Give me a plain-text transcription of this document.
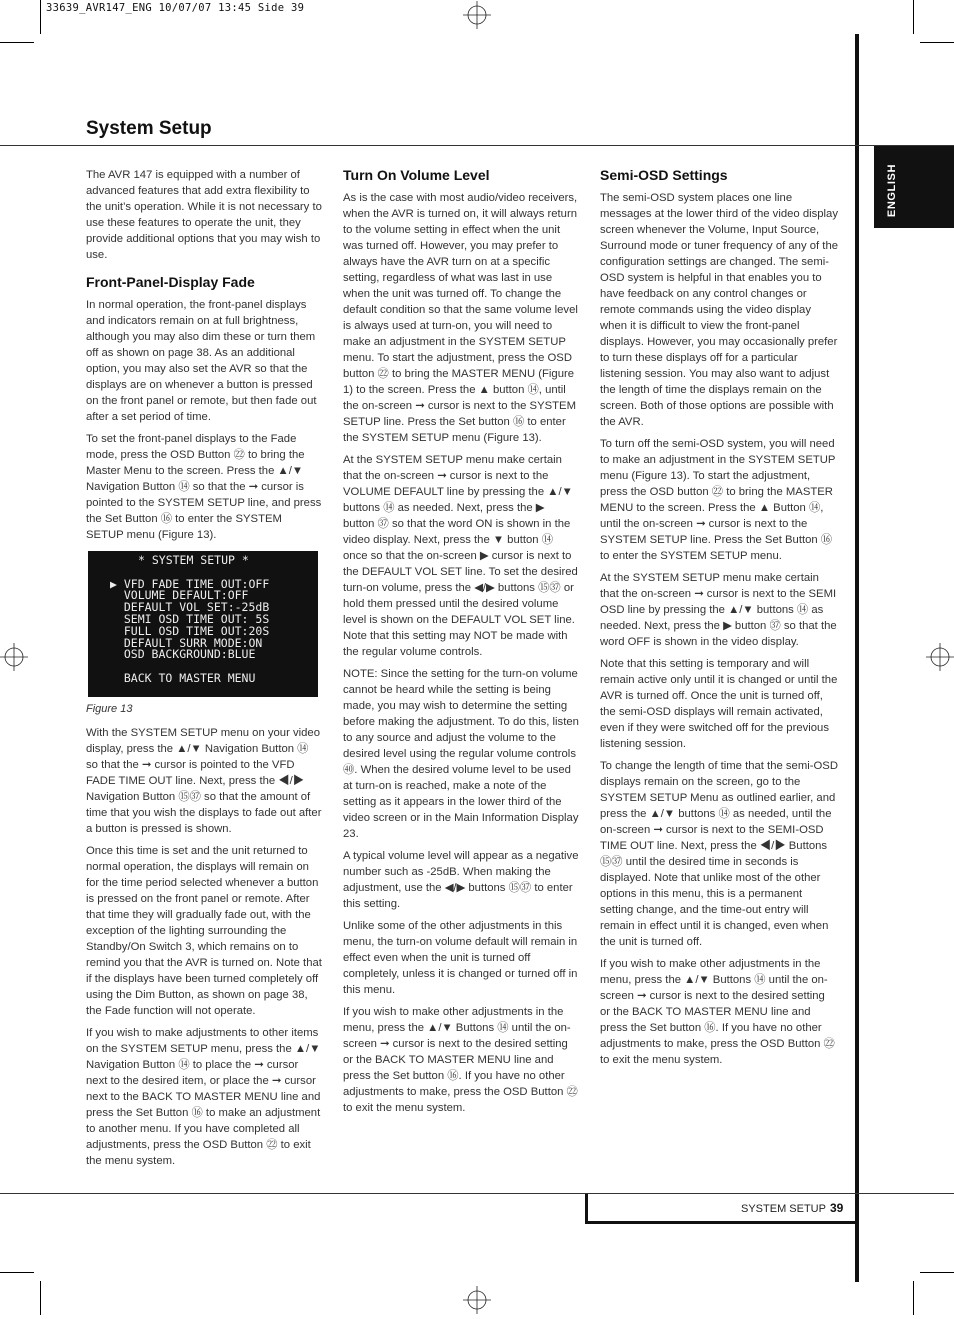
33639_AVR147_ENG 10/07/07 13:45 Side 39
ENGLISH
System Setup

The AVR 147 is equipped with a number of advanced features that add extra flexibility to the unit’s operation. While it is not necessary to use these features to operate the unit, they provide additional options that you may wish to use.

Front-Panel-Display Fade

In normal operation, the front-panel displays and indicators remain on at full brightness, although you may also dim these or turn them off as shown on page 38. As an additional option, you may also set the AVR so that the displays are on whenever a button is pressed on the front panel or remote, but then fade out after a set period of time.

To set the front-panel displays to the Fade mode, press the OSD Button ㉒ to bring the Master Menu to the screen. Press the ▲/▼ Navigation Button ⑭ so that the ➞ cursor is pointed to the SYSTEM SETUP line, and press the Set Button ⑯ to enter the SYSTEM SETUP menu (Figure 13).

* SYSTEM SETUP *

▶ VFD FADE TIME OUT:OFF
VOLUME DEFAULT:OFF
DEFAULT VOL SET:-25dB
SEMI OSD TIME OUT: 5S
FULL OSD TIME OUT:20S
DEFAULT SURR MODE:ON
OSD BACKGROUND:BLUE

BACK TO MASTER MENU
Figure 13

With the SYSTEM SETUP menu on your video display, press the ▲/▼ Navigation Button ⑭ so that the ➞ cursor is pointed to the VFD FADE TIME OUT line. Next, press the ◀/▶ Navigation Button ⑮㊲ so that the amount of time that you wish the displays to fade out after a button is pressed is shown.

Once this time is set and the unit returned to normal operation, the displays will remain on for the time period selected whenever a button is pressed on the front panel or remote. After that time they will gradually fade out, with the exception of the lighting surrounding the Standby/On Switch 3, which remains on to remind you that the AVR is turned on. Note that if the displays have been turned completely off using the Dim Button, as shown on page 38, the Fade function will not operate.

If you wish to make adjustments to other items on the SYSTEM SETUP menu, press the ▲/▼ Navigation Button ⑭ to place the ➞ cursor next to the desired item, or place the ➞ cursor next to the BACK TO MASTER MENU line and press the Set Button ⑯ to make an adjustment to another menu. If you have completed all adjustments, press the OSD Button ㉒ to exit the menu system.

Turn On Volume Level

As is the case with most audio/video receivers, when the AVR is turned on, it will always return to the volume setting in effect when the unit was turned off. However, you may prefer to always have the AVR turn on at a specific setting, regardless of what was last in use when the unit was turned off. To change the default condition so that the same volume level is always used at turn-on, you will need to make an adjustment in the SYSTEM SETUP menu. To start the adjustment, press the OSD button ㉒ to bring the MASTER MENU (Figure 1) to the screen. Press the ▲ button ⑭, until the on-screen ➞ cursor is next to the SYSTEM SETUP line. Press the Set button ⑯ to enter the SYSTEM SETUP menu (Figure 13).

At the SYSTEM SETUP menu make certain that the on-screen ➞ cursor is next to the VOLUME DEFAULT line by pressing the ▲/▼ buttons ⑭ as needed. Next, press the ▶ button ㊲ so that the word ON is shown in the video display. Next, press the ▼ button ⑭ once so that the on-screen ▶ cursor is next to the DEFAULT VOL SET line. To set the desired turn-on volume, press the ◀/▶ buttons ⑮㊲ or hold them pressed until the desired volume level is shown on the DEFAULT VOL SET line. Note that this setting may NOT be made with the regular volume controls.

NOTE: Since the setting for the turn-on volume cannot be heard while the setting is being made, you may wish to determine the setting before making the adjustment. To do this, listen to any source and adjust the volume to the desired level using the regular volume controls ㊵. When the desired volume level to be used at turn-on is reached, make a note of the setting as it appears in the lower third of the video screen or in the Main Information Display 23.

A typical volume level will appear as a negative number such as -25dB. When making the adjustment, use the ◀/▶ buttons ⑮㊲ to enter this setting.

Unlike some of the other adjustments in this menu, the turn-on volume default will remain in effect even when the unit is turned off completely, unless it is changed or turned off in this menu.

If you wish to make other adjustments in the menu, press the ▲/▼ Buttons ⑭ until the on-screen ➞ cursor is next to the desired setting or the BACK TO MASTER MENU line and press the Set button ⑯. If you have no other adjustments to make, press the OSD Button ㉒ to exit the menu system.

Semi-OSD Settings

The semi-OSD system places one line messages at the lower third of the video display screen whenever the Volume, Input Source, Surround mode or tuner frequency of any of the configuration settings are changed. The semi-OSD system is helpful in that enables you to have feedback on any control changes or remote commands using the video display when it is difficult to view the front-panel displays. However, you may occasionally prefer to turn these displays off for a particular listening session. You may also want to adjust the length of time the displays remain on the screen. Both of those options are possible with the AVR.

To turn off the semi-OSD system, you will need to make an adjustment in the SYSTEM SETUP menu (Figure 13). To start the adjustment, press the OSD button ㉒ to bring the MASTER MENU to the screen. Press the ▲ Button ⑭, until the on-screen ➞ cursor is next to the SYSTEM SETUP line. Press the Set Button ⑯ to enter the SYSTEM SETUP menu.

At the SYSTEM SETUP menu make certain that the on-screen ➞ cursor is next to the SEMI OSD line by pressing the ▲/▼ buttons ⑭ as needed. Next, press the ▶ button ㊲ so that the word OFF is shown in the video display.

Note that this setting is temporary and will remain active only until it is changed or until the AVR is turned off. Once the unit is turned off, the semi-OSD displays will remain activated, even if they were switched off for the previous listening session.

To change the length of time that the semi-OSD displays remain on the screen, go to the SYSTEM SETUP Menu as outlined earlier, and press the ▲/▼ buttons ⑭ as needed, until the on-screen ➞ cursor is next to the SEMI-OSD TIME OUT line. Next, press the ◀/▶ Buttons ⑮㊲ until the desired time in seconds is displayed. Note that unlike most of the other options in this menu, this is a permanent setting change, and the time-out entry will remain in effect until it is changed, even when the unit is turned off.

If you wish to make other adjustments in the menu, press the ▲/▼ Buttons ⑭ until the on-screen ➞ cursor is next to the desired setting or the BACK TO MASTER MENU line and press the Set button ⑯. If you have no other adjustments to make, press the OSD Button ㉒ to exit the menu system.

SYSTEM SETUP 39
